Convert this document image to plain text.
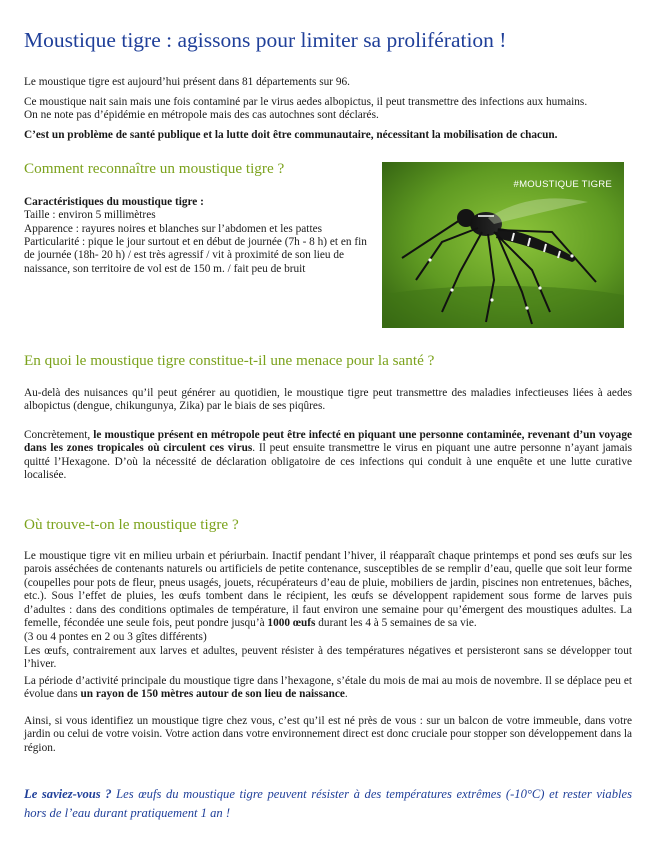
Moustique tigre : agissons pour limiter sa prolifération !

Le moustique tigre est aujourd’hui présent dans 81 départements sur 96.

Ce moustique nait sain mais une fois contaminé par le virus aedes albopictus, il peut transmettre des infections aux humains.

On ne note pas d’épidémie en métropole mais des cas autochnes sont déclarés.

C’est un problème de santé publique et la lutte doit être communautaire, nécessitant la mobilisation de chacun.

Comment reconnaître un moustique tigre ?

Caractéristiques du moustique tigre :

Taille : environ 5 millimètres

Apparence : rayures noires et blanches sur l’abdomen et les pattes

Particularité : pique le jour surtout et en début de journée (7h - 8 h) et en fin de journée (18h- 20 h) / est très agressif / vit à proximité de son lieu de naissance, son territoire de vol est de 150 m. / fait peu de bruit

#MOUSTIQUE TIGRE
En quoi le moustique tigre constitue-t-il une menace pour la santé ?

Au-delà des nuisances qu’il peut générer au quotidien, le moustique tigre peut transmettre des maladies infectieuses liées à aedes albopictus (dengue, chikungunya, Zika) par le biais de ses piqûres.

Concrètement, le moustique présent en métropole peut être infecté en piquant une personne contaminée, revenant d’un voyage dans les zones tropicales où circulent ces virus. Il peut ensuite transmettre le virus en piquant une autre personne n’ayant jamais quitté l’Hexagone. D’où la nécessité de déclaration obligatoire de ces infections qui conduit à une enquête et une lutte curative localisée.

Où trouve-t-on le moustique tigre ?

Le moustique tigre vit en milieu urbain et périurbain. Inactif pendant l’hiver, il réapparaît chaque printemps et pond ses œufs sur les parois asséchées de contenants naturels ou artificiels de petite contenance, susceptibles de se remplir d’eau, quelle que soit leur forme (coupelles pour pots de fleur, pneus usagés, jouets, récupérateurs d’eau de pluie, mobiliers de jardin, piscines non entretenues, bâches, etc.). Sous l’effet de pluies, les œufs tombent dans le récipient, les œufs se développent rapidement sous forme de larves puis d’adultes : dans des conditions optimales de température, il faut environ une semaine pour qu’émergent des moustiques adultes. La femelle, fécondée une seule fois, peut pondre jusqu’à 1000 œufs durant les 4 à 5 semaines de sa vie.

(3 ou 4 pontes en 2 ou 3 gîtes différents)

Les œufs, contrairement aux larves et adultes, peuvent résister à des températures négatives et persisteront sans se développer tout l’hiver.

La période d’activité principale du moustique tigre dans l’hexagone, s’étale du mois de mai au mois de novembre. Il se déplace peu et évolue dans un rayon de 150 mètres autour de son lieu de naissance.

Ainsi, si vous identifiez un moustique tigre chez vous, c’est qu’il est né près de vous : sur un balcon de votre immeuble, dans votre jardin ou celui de votre voisin. Votre action dans votre environnement direct est donc cruciale pour stopper son développement dans la région.

Le saviez-vous ? Les œufs du moustique tigre peuvent résister à des températures extrêmes (-10°C) et rester viables hors de l’eau durant pratiquement 1 an !
